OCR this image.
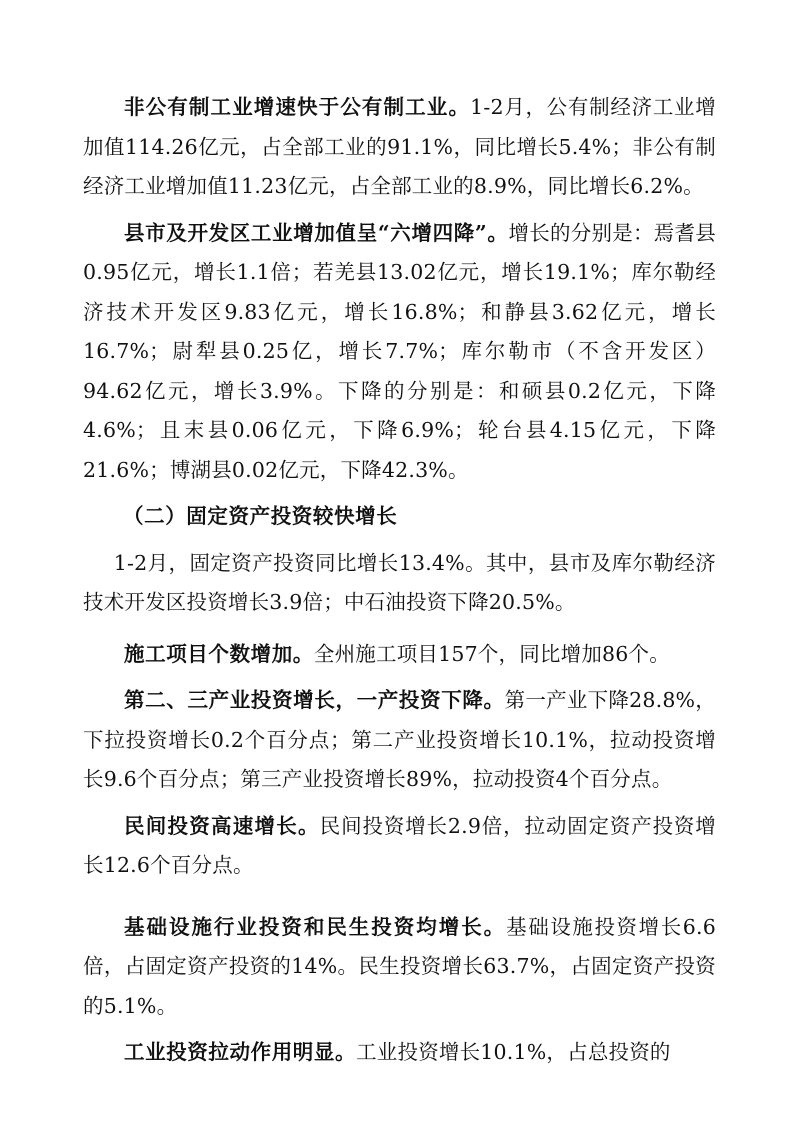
非公有制工业增速快于公有制工业。1-2月，公有制经济工业增加值114.26亿元，占全部工业的91.1%，同比增长5.4%；非公有制经济工业增加值11.23亿元，占全部工业的8.9%，同比增长6.2%。

县市及开发区工业增加值呈“六增四降”。增长的分别是：焉耆县0.95亿元，增长1.1倍；若羌县13.02亿元，增长19.1%；库尔勒经济技术开发区9.83亿元，增长16.8%；和静县3.62亿元，增长16.7%；尉犁县0.25亿，增长7.7%；库尔勒市（不含开发区）94.62亿元，增长3.9%。下降的分别是：和硕县0.2亿元，下降4.6%；且末县0.06亿元，下降6.9%；轮台县4.15亿元，下降21.6%；博湖县0.02亿元，下降42.3%。

（二）固定资产投资较快增长

1-2月，固定资产投资同比增长13.4%。其中，县市及库尔勒经济技术开发区投资增长3.9倍；中石油投资下降20.5%。

施工项目个数增加。全州施工项目157个，同比增加86个。

第二、三产业投资增长，一产投资下降。第一产业下降28.8%，下拉投资增长0.2个百分点；第二产业投资增长10.1%，拉动投资增长9.6个百分点；第三产业投资增长89%，拉动投资4个百分点。

民间投资高速增长。民间投资增长2.9倍，拉动固定资产投资增长12.6个百分点。

基础设施行业投资和民生投资均增长。基础设施投资增长6.6倍，占固定资产投资的14%。民生投资增长63.7%，占固定资产投资的5.1%。

工业投资拉动作用明显。工业投资增长10.1%，占总投资的
